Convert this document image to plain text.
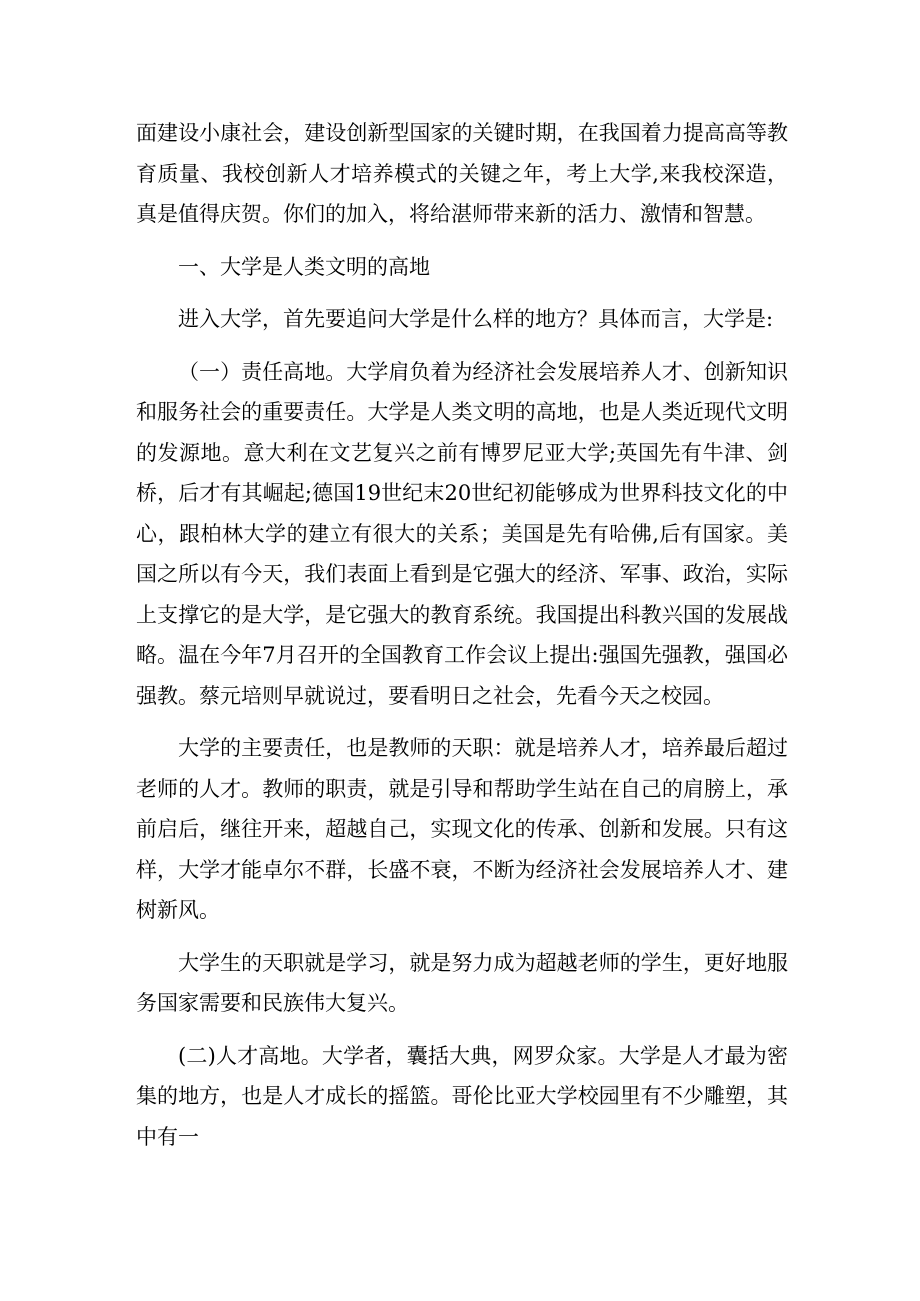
面建设小康社会，建设创新型国家的关键时期，在我国着力提高高等教育质量、我校创新人才培养模式的关键之年，考上大学,来我校深造，真是值得庆贺。你们的加入，将给湛师带来新的活力、激情和智慧。

一、大学是人类文明的高地

进入大学，首先要追问大学是什么样的地方？具体而言，大学是:

（一）责任高地。大学肩负着为经济社会发展培养人才、创新知识和服务社会的重要责任。大学是人类文明的高地，也是人类近现代文明的发源地。意大利在文艺复兴之前有博罗尼亚大学;英国先有牛津、剑桥，后才有其崛起;德国19世纪末20世纪初能够成为世界科技文化的中心，跟柏林大学的建立有很大的关系；美国是先有哈佛,后有国家。美国之所以有今天，我们表面上看到是它强大的经济、军事、政治，实际上支撑它的是大学，是它强大的教育系统。我国提出科教兴国的发展战略。温在今年7月召开的全国教育工作会议上提出:强国先强教，强国必强教。蔡元培则早就说过，要看明日之社会，先看今天之校园。

大学的主要责任，也是教师的天职：就是培养人才，培养最后超过老师的人才。教师的职责，就是引导和帮助学生站在自己的肩膀上，承前启后，继往开来，超越自己，实现文化的传承、创新和发展。只有这样，大学才能卓尔不群，长盛不衰，不断为经济社会发展培养人才、建树新风。

大学生的天职就是学习，就是努力成为超越老师的学生，更好地服务国家需要和民族伟大复兴。

(二)人才高地。大学者，囊括大典，网罗众家。大学是人才最为密集的地方，也是人才成长的摇篮。哥伦比亚大学校园里有不少雕塑，其中有一
